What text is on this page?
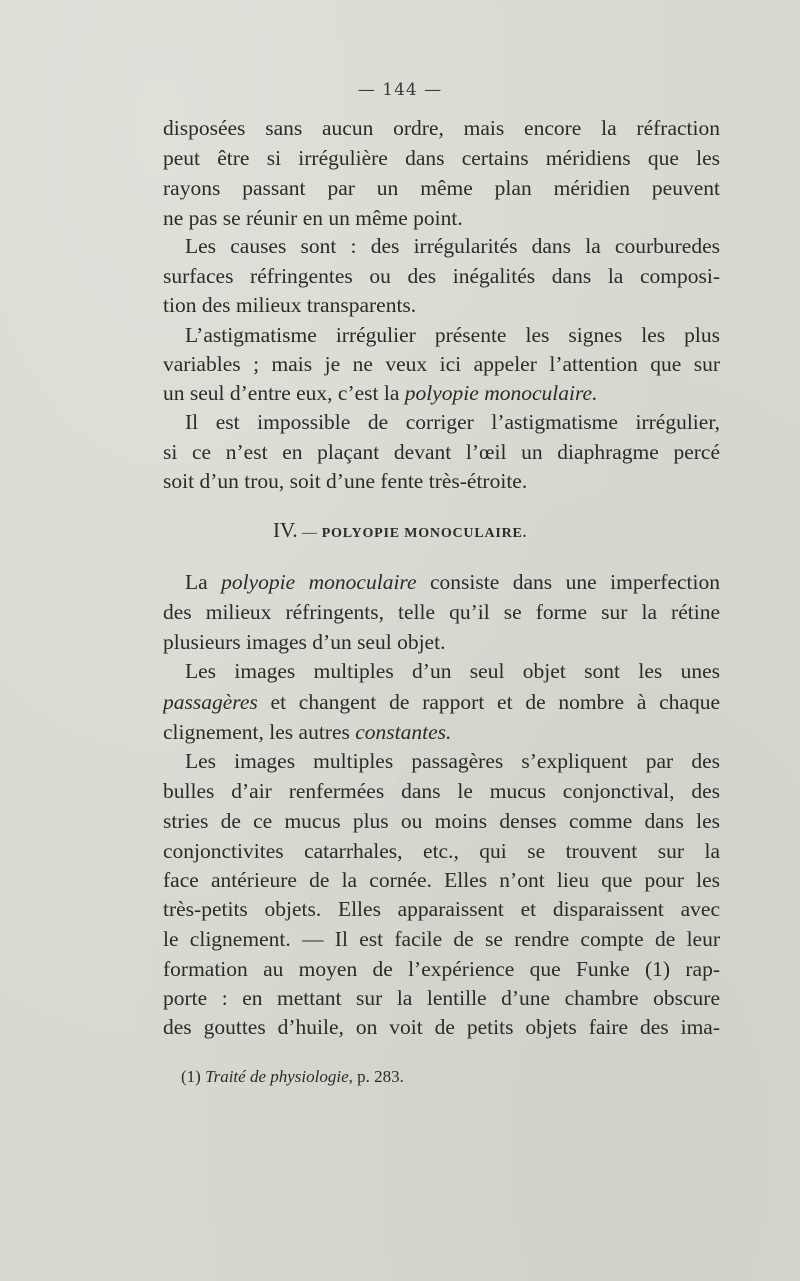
— 144 —
disposées sans aucun ordre, mais encore la réfraction
peut être si irrégulière dans certains méridiens que les
rayons passant par un même plan méridien peuvent
ne pas se réunir en un même point.
Les causes sont : des irrégularités dans la courburedes
surfaces réfringentes ou des inégalités dans la composi-
tion des milieux transparents.
L’astigmatisme irrégulier présente les signes les plus
variables ; mais je ne veux ici appeler l’attention que sur
un seul d’entre eux, c’est la polyopie monoculaire.
Il est impossible de corriger l’astigmatisme irrégulier,
si ce n’est en plaçant devant l’œil un diaphragme percé
soit d’un trou, soit d’une fente très-étroite.
IV. — POLYOPIE MONOCULAIRE.
La polyopie monoculaire consiste dans une imperfection
des milieux réfringents, telle qu’il se forme sur la rétine
plusieurs images d’un seul objet.
Les images multiples d’un seul objet sont les unes
passagères et changent de rapport et de nombre à chaque
clignement, les autres constantes.
Les images multiples passagères s’expliquent par des
bulles d’air renfermées dans le mucus conjonctival, des
stries de ce mucus plus ou moins denses comme dans les
conjonctivites catarrhales, etc., qui se trouvent sur la
face antérieure de la cornée. Elles n’ont lieu que pour les
très-petits objets. Elles apparaissent et disparaissent avec
le clignement. — Il est facile de se rendre compte de leur
formation au moyen de l’expérience que Funke (1) rap-
porte : en mettant sur la lentille d’une chambre obscure
des gouttes d’huile, on voit de petits objets faire des ima-
(1) Traité de physiologie, p. 283.
